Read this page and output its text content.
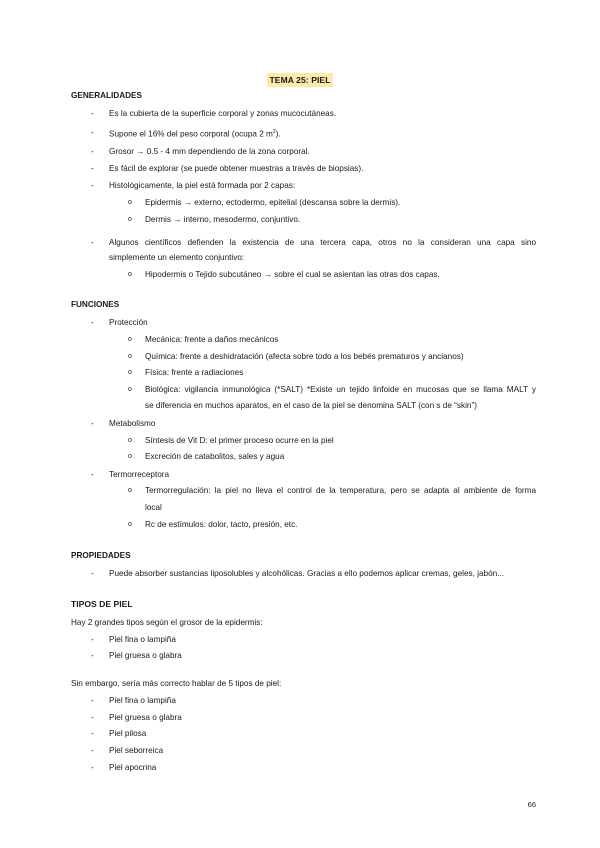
TEMA 25: PIEL
GENERALIDADES
- Es la cubierta de la superficie corporal y zonas mucocutáneas.
- Supone el 16% del peso corporal (ocupa 2 $m^2$).
- Grosor → 0.5 - 4 mm dependiendo de la zona corporal.
- Es fácil de explorar (se puede obtener muestras a través de biopsias).
- Histológicamente, la piel está formada por 2 capas:
o Epidermis → externo, ectodermo, epitelial (descansa sobre la dermis).
o Dermis → interno, mesodermo, conjuntivo.
- Algunos científicos defienden la existencia de una tercera capa, otros no la consideran una capa sino
simplemente un elemento conjuntivo:
o Hipodermis o Tejido subcutáneo → sobre el cual se asientan las otras dos capas.
FUNCIONES
- Protección
o Mecánica: frente a daños mecánicos
o Química: frente a deshidratación (afecta sobre todo a los bebés prematuros y ancianos)
o Física: frente a radiaciones
o Biológica: vigilancia inmunológica (*SALT) *Existe un tejido linfoide en mucosas que se llama MALT y
se diferencia en muchos aparatos, en el caso de la piel se denomina SALT (con s de “skin”)
- Metabolismo
o Síntesis de Vit D: el primer proceso ocurre en la piel
o Excreción de catabolitos, sales y agua
- Termorreceptora
o Termorregulación: la piel no lleva el control de la temperatura, pero se adapta al ambiente de forma
local
o Rc de estímulos: dolor, tacto, presión, etc.
PROPIEDADES
- Puede absorber sustancias liposolubles y alcohólicas. Gracias a ello podemos aplicar cremas, geles, jabón...
TIPOS DE PIEL
Hay 2 grandes tipos según el grosor de la epidermis:
- Piel fina o lampiña
- Piel gruesa o glabra
Sin embargo, sería más correcto hablar de 5 tipos de piel:
- Piel fina o lampiña
- Piel gruesa o glabra
- Piel pilosa
- Piel seborreica
- Piel apocrina
66
